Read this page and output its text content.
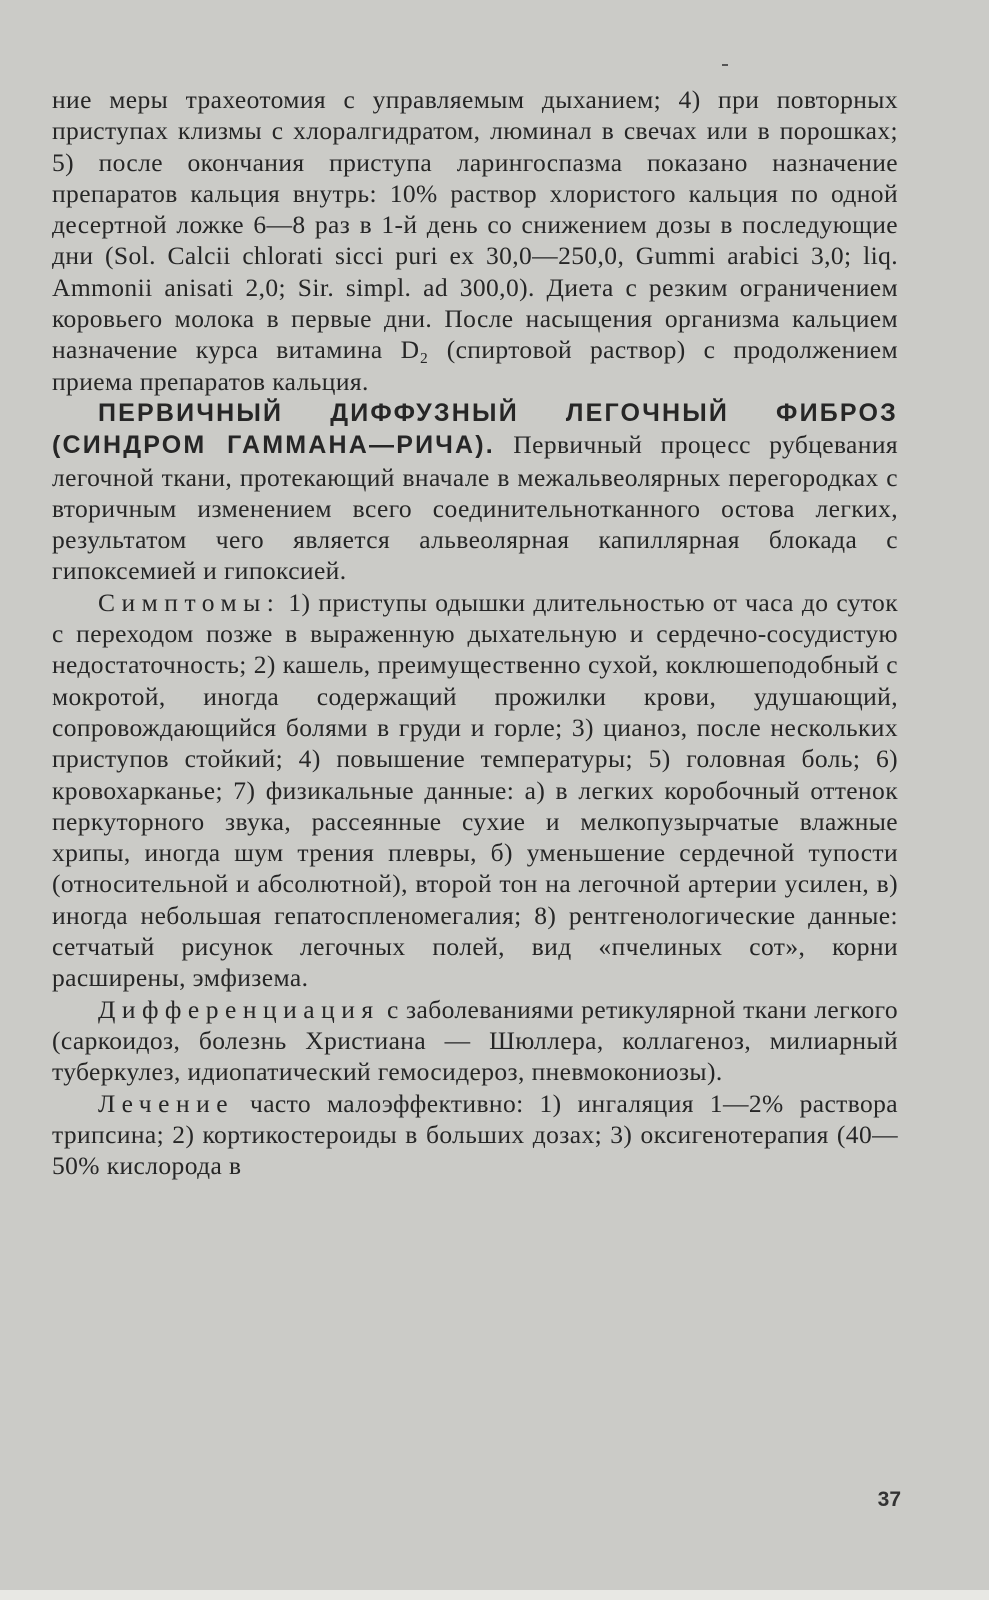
ние меры трахеотомия с управляемым дыханием; 4) при повторных приступах клизмы с хлоралгидратом, люминал в свечах или в порошках; 5) после окончания приступа ларингоспазма показано назначение препаратов кальция внутрь: 10% раствор хлористого кальция по одной десертной ложке 6—8 раз в 1-й день со снижением дозы в последующие дни (Sol. Calcii chlorati sicci puri ex 30,0—250,0, Gummi arabici 3,0; liq. Ammonii anisati 2,0; Sir. simpl. ad 300,0). Диета с резким ограничением коровьего молока в первые дни. После насыщения организма кальцием назначение курса витамина D₂ (спиртовой раствор) с продолжением приема препаратов кальция.

ПЕРВИЧНЫЙ ДИФФУЗНЫЙ ЛЕГОЧНЫЙ ФИБРОЗ (СИНДРОМ ГАММАНА—РИЧА). Первичный процесс рубцевания легочной ткани, протекающий вначале в межальвеолярных перегородках с вторичным изменением всего соединительнотканного остова легких, результатом чего является альвеолярная капиллярная блокада с гипоксемией и гипоксией.

Симптомы: 1) приступы одышки длительностью от часа до суток с переходом позже в выраженную дыхательную и сердечно-сосудистую недостаточность; 2) кашель, преимущественно сухой, коклюшеподобный с мокротой, иногда содержащий прожилки крови, удушающий, сопровождающийся болями в груди и горле; 3) цианоз, после нескольких приступов стойкий; 4) повышение температуры; 5) головная боль; 6) кровохарканье; 7) физикальные данные: а) в легких коробочный оттенок перкуторного звука, рассеянные сухие и мелкопузырчатые влажные хрипы, иногда шум трения плевры, б) уменьшение сердечной тупости (относительной и абсолютной), второй тон на легочной артерии усилен, в) иногда небольшая гепатоспленомегалия; 8) рентгенологические данные: сетчатый рисунок легочных полей, вид «пчелиных сот», корни расширены, эмфизема.

Дифференциация с заболеваниями ретикулярной ткани легкого (саркоидоз, болезнь Христиана — Шюллера, коллагеноз, милиарный туберкулез, идиопатический гемосидероз, пневмокониозы).

Лечение часто малоэффективно: 1) ингаляция 1—2% раствора трипсина; 2) кортикостероиды в больших дозах; 3) оксигенотерапия (40—50% кислорода в

37
